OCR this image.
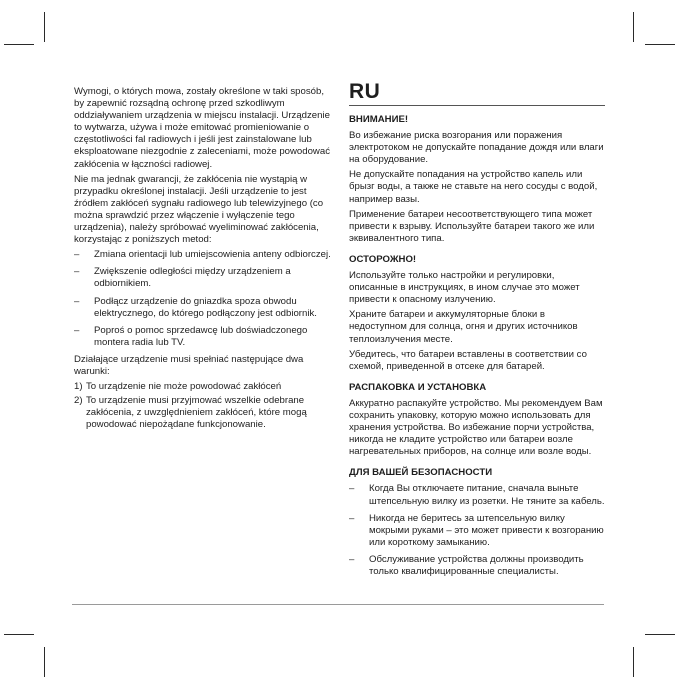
Wymogi, o których mowa, zostały określone w taki sposób, by zapewnić rozsądną ochronę przed szkodliwym oddziaływaniem urządzenia w miejscu instalacji. Urządzenie to wytwarza, używa i może emitować promieniowanie o częstotliwości fal radiowych i jeśli jest zainstalowane lub eksploatowane niezgodnie z zaleceniami, może powodować zakłócenia w łączności radiowej.

Nie ma jednak gwarancji, że zakłócenia nie wystąpią w przypadku określonej instalacji. Jeśli urządzenie to jest źródłem zakłóceń sygnału radiowego lub telewizyjnego (co można sprawdzić przez włączenie i wyłączenie tego urządzenia), należy spróbować wyeliminować zakłócenia, korzystając z poniższych metod:

– Zmiana orientacji lub umiejscowienia anteny odbiorczej.
– Zwiększenie odległości między urządzeniem a odbiornikiem.
– Podłącz urządzenie do gniazdka spoza obwodu elektrycznego, do którego podłączony jest odbiornik.
– Poproś o pomoc sprzedawcę lub doświadczonego montera radia lub TV.

Działające urządzenie musi spełniać następujące dwa warunki:

1) To urządzenie nie może powodować zakłóceń
2) To urządzenie musi przyjmować wszelkie odebrane zakłócenia, z uwzględnieniem zakłóceń, które mogą powodować niepożądane funkcjonowanie.
RU
ВНИМАНИЕ!

Во избежание риска возгорания или поражения электротоком не допускайте попадание дождя или влаги на оборудование.

Не допускайте попадания на устройство капель или брызг воды, а также не ставьте на него сосуды с водой, например вазы.

Применение батареи несоответствующего типа может привести к взрыву. Используйте батареи такого же или эквивалентного типа.

ОСТОРОЖНО!

Используйте только настройки и регулировки, описанные в инструкциях, в ином случае это может привести к опасному излучению.

Храните батареи и аккумуляторные блоки в недоступном для солнца, огня и других источников теплоизлучения месте.

Убедитесь, что батареи вставлены в соответствии со схемой, приведенной в отсеке для батарей.

РАСПАКОВКА И УСТАНОВКА

Аккуратно распакуйте устройство. Мы рекомендуем Вам сохранить упаковку, которую можно использовать для хранения устройства. Во избежание порчи устройства, никогда не кладите устройство или батареи возле нагревательных приборов, на солнце или возле воды.

ДЛЯ ВАШЕЙ БЕЗОПАСНОСТИ
– Когда Вы отключаете питание, сначала выньте штепсельную вилку из розетки. Не тяните за кабель.
– Никогда не беритесь за штепсельную вилку мокрыми руками – это может привести к возгоранию или короткому замыканию.
– Обслуживание устройства должны производить только квалифицированные специалисты.
